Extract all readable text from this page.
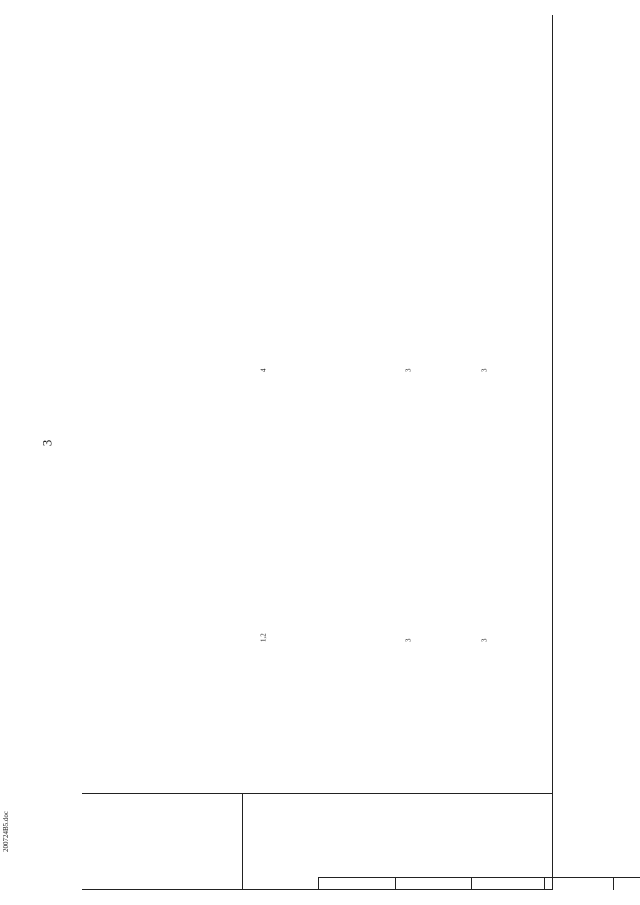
3
200724В5.doc
$^{1,2}$	$^3$	$^3$
$^4$	$^3$	$^3$
